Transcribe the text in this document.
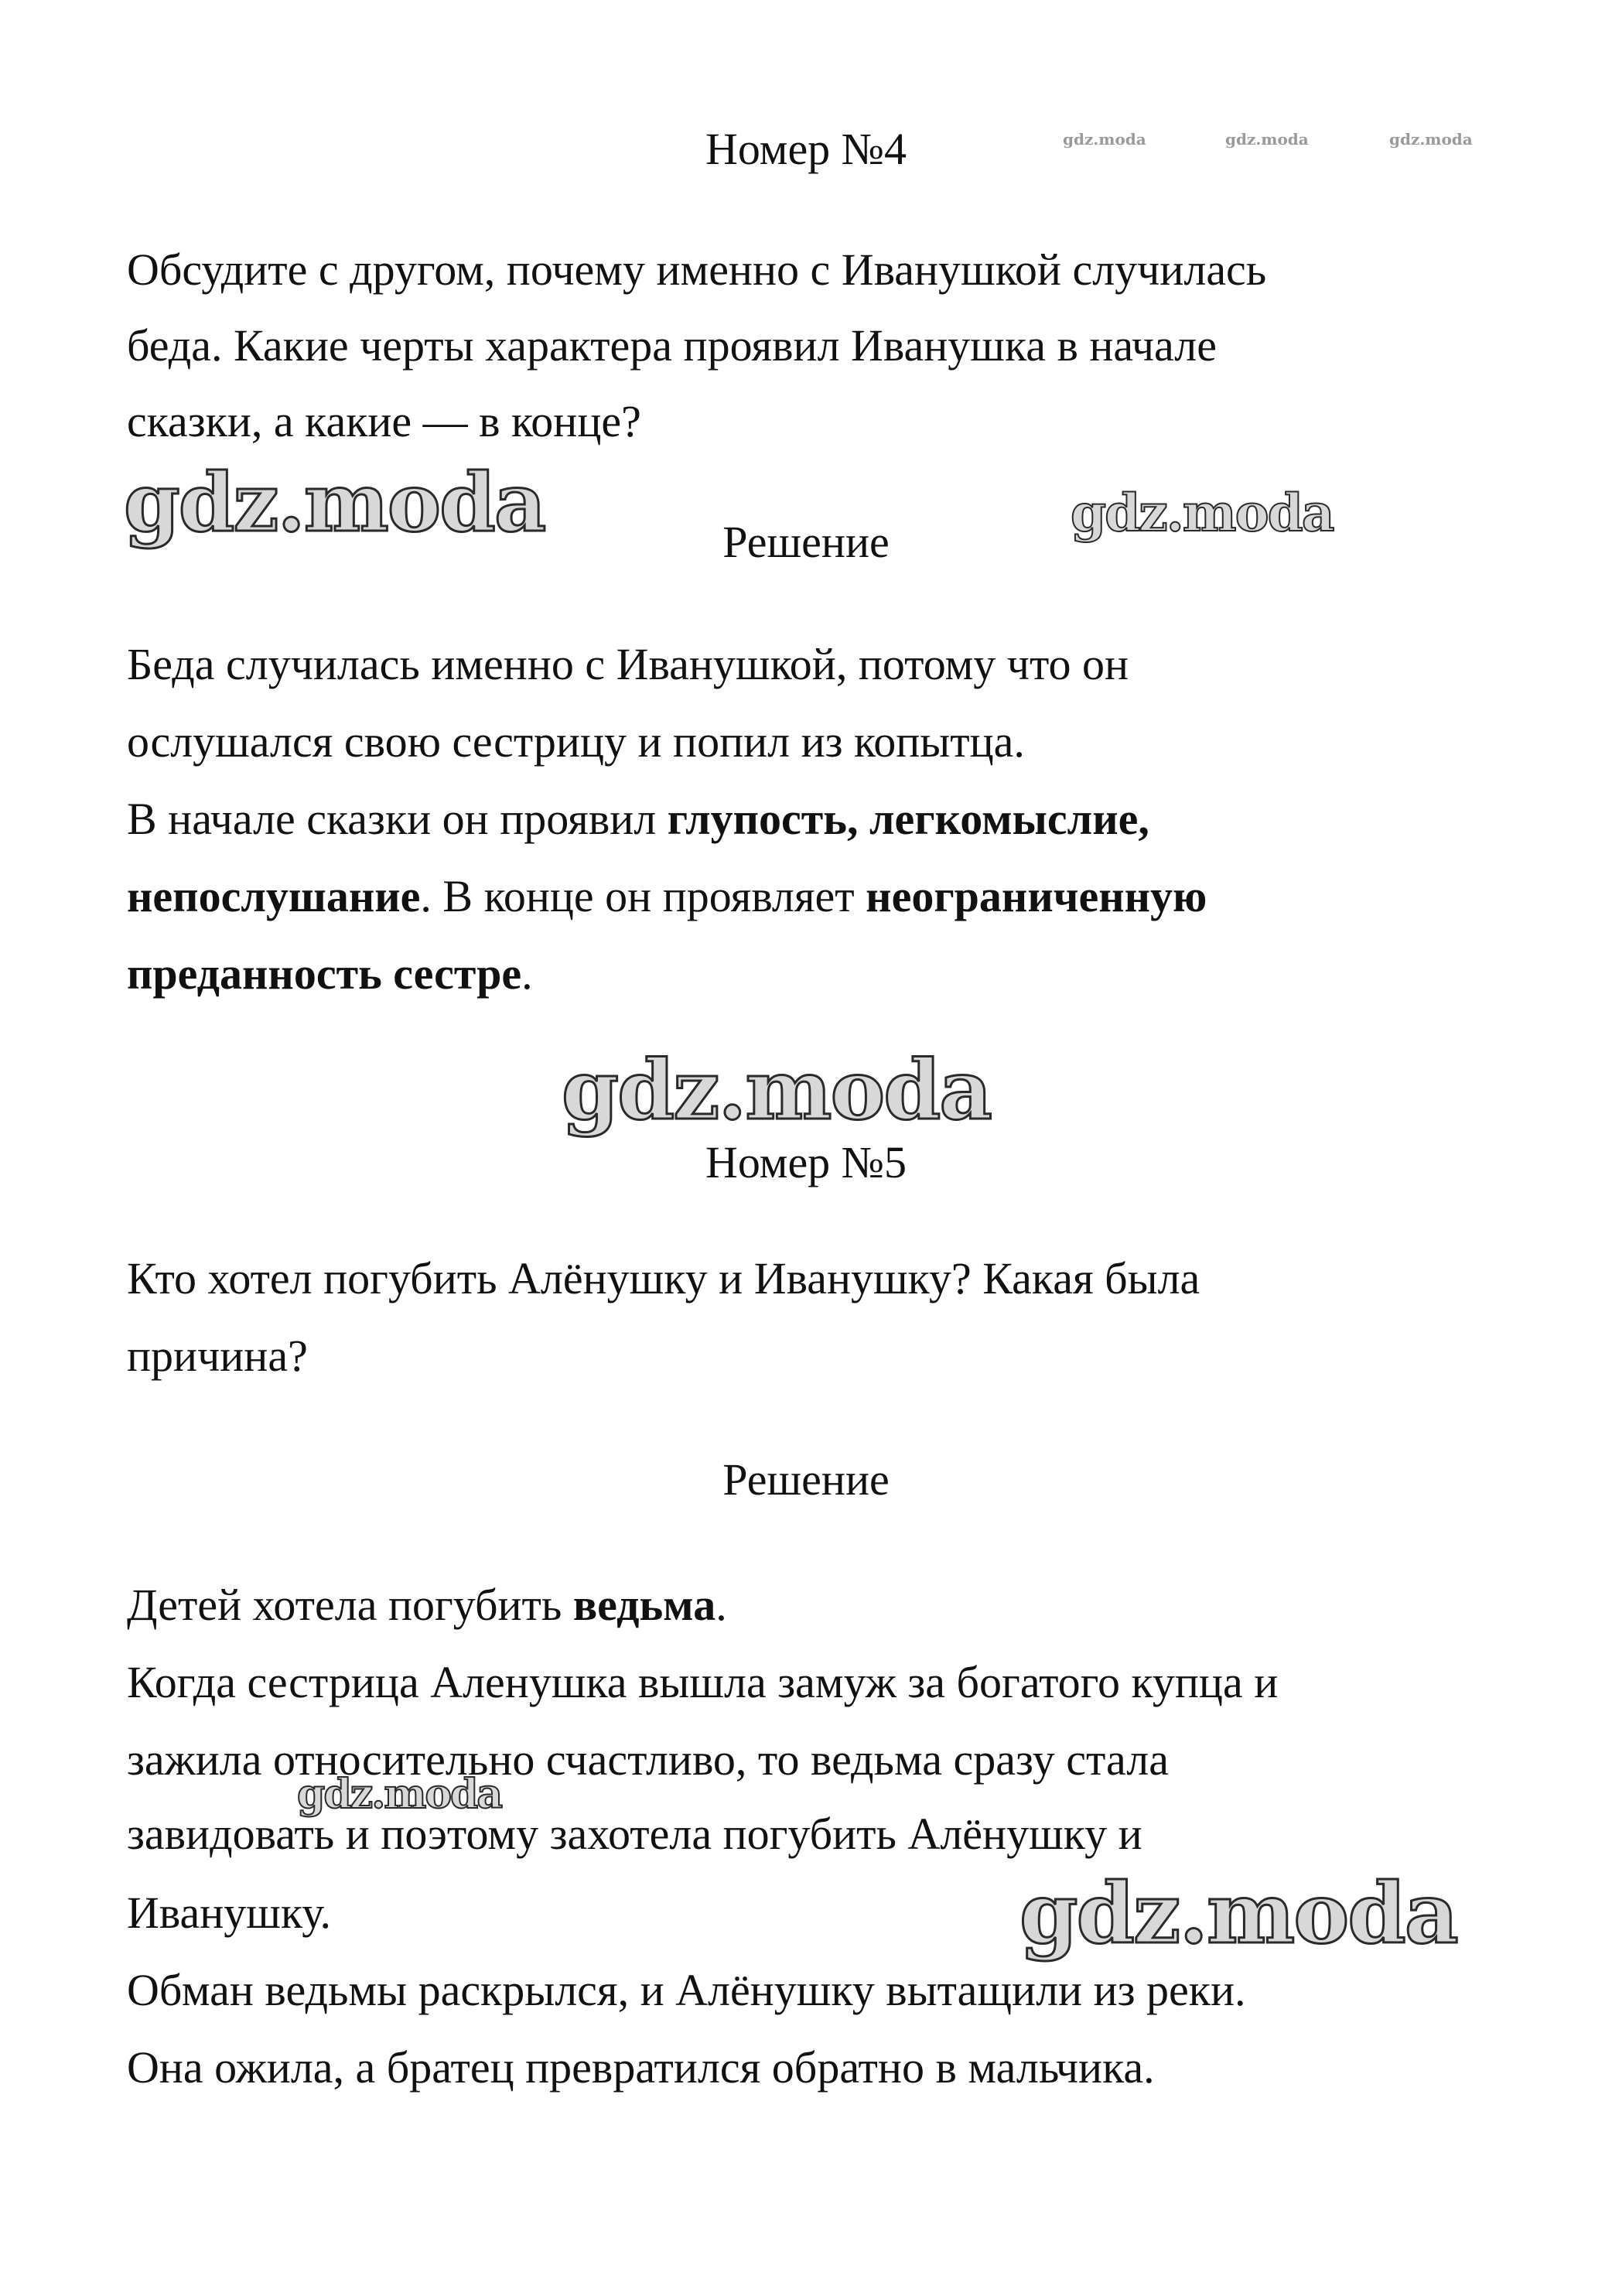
gdz.moda	gdz.moda	gdz.moda
Номер №4

Обсудите с другом, почему именно с Иванушкой случилась

беда. Какие черты характера проявил Иванушка в начале

сказки, а какие — в конце?

gdz.moda	gdz.moda
Решение

Беда случилась именно с Иванушкой, потому что он

ослушался свою сестрицу и попил из копытца.

В начале сказки он проявил глупость, легкомыслие,

непослушание. В конце он проявляет неограниченную

преданность сестре.

gdz.moda
Номер №5

Кто хотел погубить Алёнушку и Иванушку? Какая была

причина?

Решение

Детей хотела погубить ведьма.

Когда сестрица Аленушка вышла замуж за богатого купца и

зажила относительно счастливо, то ведьма сразу стала

gdz.moda

завидовать и поэтому захотела погубить Алёнушку и

Иванушку.	gdz.moda

Обман ведьмы раскрылся, и Алёнушку вытащили из реки.

Она ожила, а братец превратился обратно в мальчика.
